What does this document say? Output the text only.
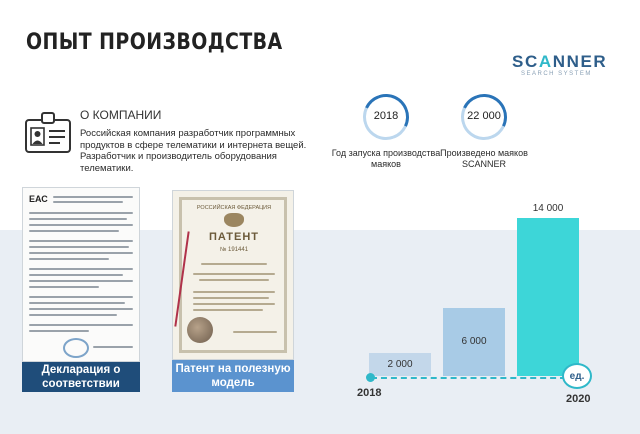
ОПЫТ ПРОИЗВОДСТВА
SCANNER
SEARCH SYSTEM
О КОМПАНИИ
Российская компания разработчик программных продуктов в сфере телематики и интернета вещей. Разработчик и производитель оборудования телематики.
2018
Год запуска производства маяков
22 000
Произведено маяков SCANNER
ЕАС
Декларация о соответствии
РОССИЙСКАЯ ФЕДЕРАЦИЯ
ПАТЕНТ
№ 191441
Патент на полезную модель
2 000
6 000
14 000
ед.
2018	2020
